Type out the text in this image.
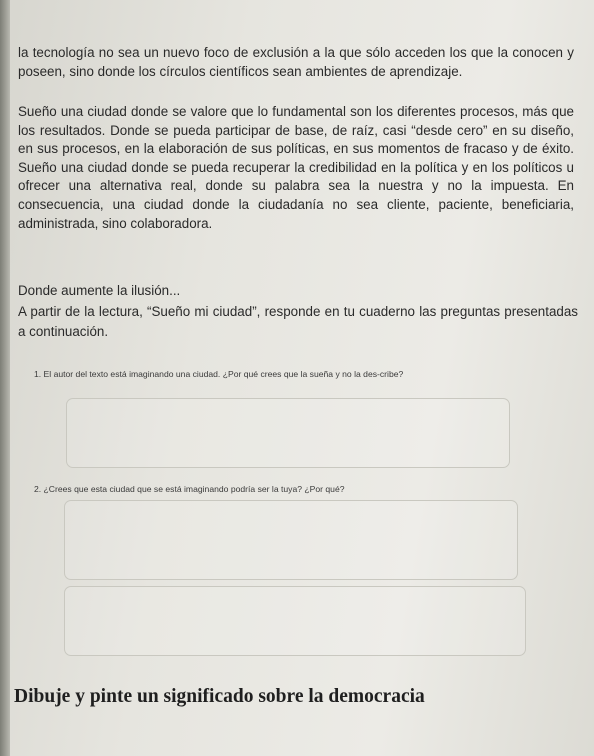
la tecnología no sea un nuevo foco de exclusión a la que sólo acceden los que la conocen y poseen, sino donde los círculos científicos sean ambientes de aprendizaje.

Sueño una ciudad donde se valore que lo fundamental son los diferentes procesos, más que los resultados. Donde se pueda participar de base, de raíz, casi “desde cero” en su diseño, en sus procesos, en la elaboración de sus políticas, en sus momentos de fracaso y de éxito. Sueño una ciudad donde se pueda recuperar la credibilidad en la política y en los políticos u ofrecer una alternativa real, donde su palabra sea la nuestra y no la impuesta. En consecuencia, una ciudad donde la ciudadanía no sea cliente, paciente, beneficiaria, administrada, sino colaboradora.

Donde aumente la ilusión...

A partir de la lectura, “Sueño mi ciudad”, responde en tu cuaderno las preguntas presentadas a continuación.

1. El autor del texto está imaginando una ciudad. ¿Por qué crees que la sueña y no la des-cribe?

2. ¿Crees que esta ciudad que se está imaginando podría ser la tuya? ¿Por qué?

Dibuje y pinte un significado sobre la democracia
